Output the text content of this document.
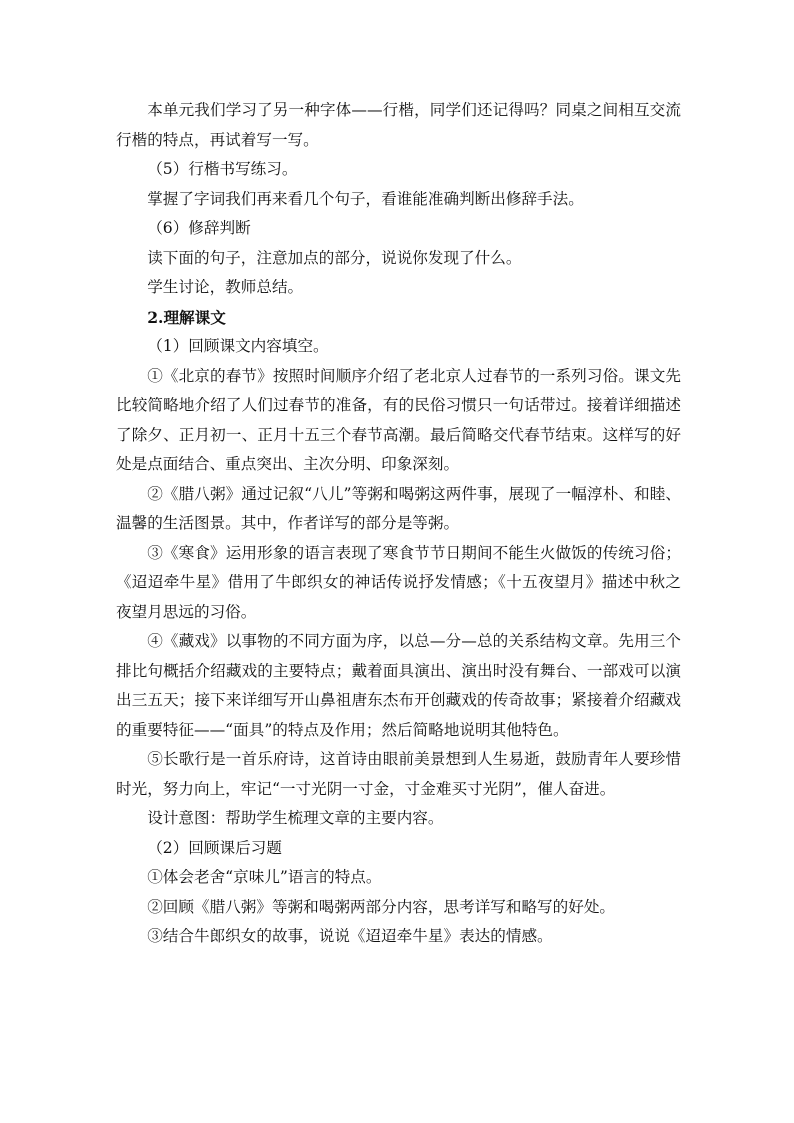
本单元我们学习了另一种字体——行楷，同学们还记得吗？同桌之间相互交流行楷的特点，再试着写一写。

（5）行楷书写练习。

掌握了字词我们再来看几个句子，看谁能准确判断出修辞手法。

（6）修辞判断

读下面的句子，注意加点的部分，说说你发现了什么。

学生讨论，教师总结。

2.理解课文

（1）回顾课文内容填空。

①《北京的春节》按照时间顺序介绍了老北京人过春节的一系列习俗。课文先比较简略地介绍了人们过春节的准备，有的民俗习惯只一句话带过。接着详细描述了除夕、正月初一、正月十五三个春节高潮。最后简略交代春节结束。这样写的好处是点面结合、重点突出、主次分明、印象深刻。

②《腊八粥》通过记叙“八儿”等粥和喝粥这两件事，展现了一幅淳朴、和睦、温馨的生活图景。其中，作者详写的部分是等粥。

③《寒食》运用形象的语言表现了寒食节节日期间不能生火做饭的传统习俗；《迢迢牵牛星》借用了牛郎织女的神话传说抒发情感；《十五夜望月》描述中秋之夜望月思远的习俗。

④《藏戏》以事物的不同方面为序，以总—分—总的关系结构文章。先用三个排比句概括介绍藏戏的主要特点；戴着面具演出、演出时没有舞台、一部戏可以演出三五天；接下来详细写开山鼻祖唐东杰布开创藏戏的传奇故事；紧接着介绍藏戏的重要特征——“面具”的特点及作用；然后简略地说明其他特色。

⑤长歌行是一首乐府诗，这首诗由眼前美景想到人生易逝，鼓励青年人要珍惜时光，努力向上，牢记“一寸光阴一寸金，寸金难买寸光阴”，催人奋进。

设计意图：帮助学生梳理文章的主要内容。

（2）回顾课后习题

①体会老舍“京味儿”语言的特点。

②回顾《腊八粥》等粥和喝粥两部分内容，思考详写和略写的好处。

③结合牛郎织女的故事，说说《迢迢牵牛星》表达的情感。
